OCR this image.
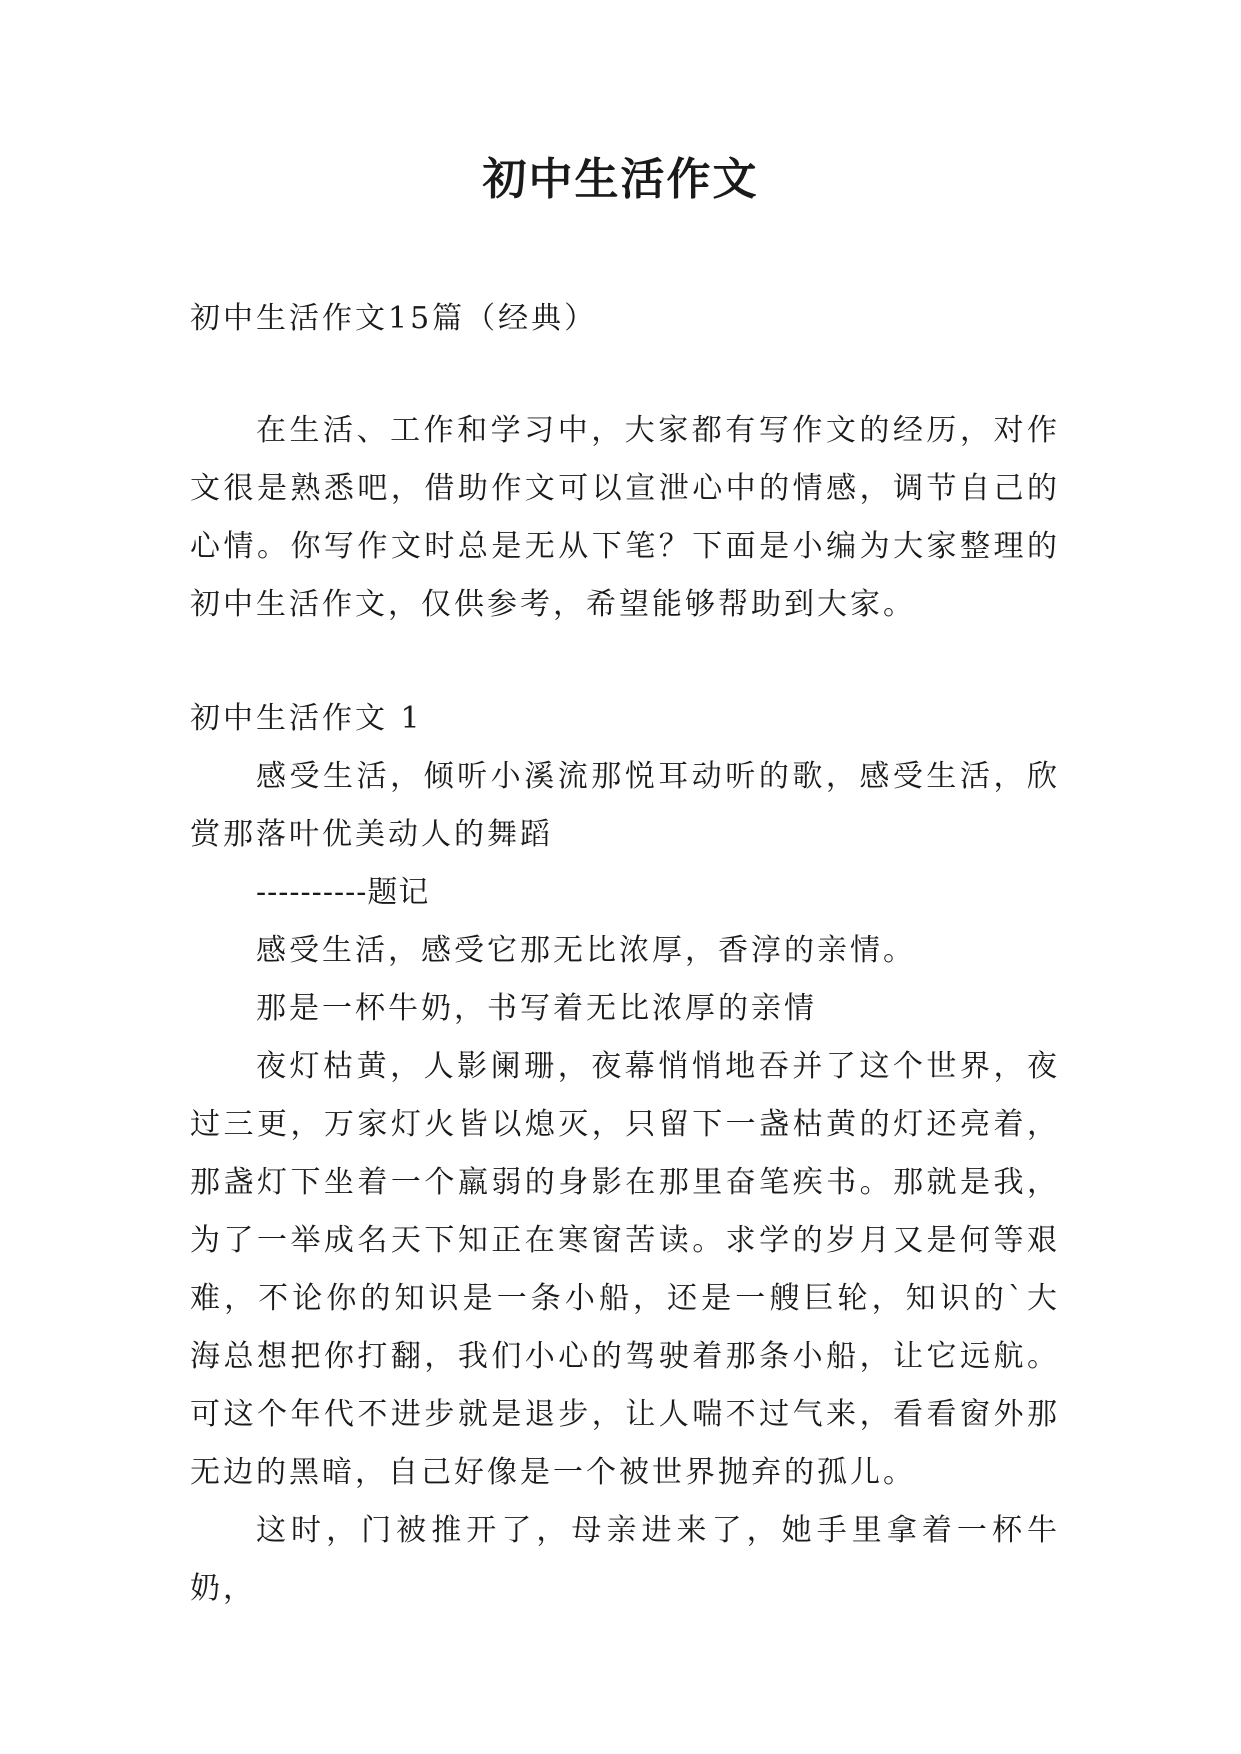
初中生活作文

初中生活作文15篇（经典）

在生活、工作和学习中，大家都有写作文的经历，对作文很是熟悉吧，借助作文可以宣泄心中的情感，调节自己的心情。你写作文时总是无从下笔？下面是小编为大家整理的初中生活作文，仅供参考，希望能够帮助到大家。

初中生活作文 1

感受生活，倾听小溪流那悦耳动听的歌，感受生活，欣赏那落叶优美动人的舞蹈

----------题记

感受生活，感受它那无比浓厚，香淳的亲情。

那是一杯牛奶，书写着无比浓厚的亲情

夜灯枯黄，人影阑珊，夜幕悄悄地吞并了这个世界，夜过三更，万家灯火皆以熄灭，只留下一盏枯黄的灯还亮着，那盏灯下坐着一个羸弱的身影在那里奋笔疾书。那就是我，为了一举成名天下知正在寒窗苦读。求学的岁月又是何等艰难，不论你的知识是一条小船，还是一艘巨轮，知识的`大海总想把你打翻，我们小心的驾驶着那条小船，让它远航。可这个年代不进步就是退步，让人喘不过气来，看看窗外那无边的黑暗，自己好像是一个被世界抛弃的孤儿。

这时，门被推开了，母亲进来了，她手里拿着一杯牛奶，
